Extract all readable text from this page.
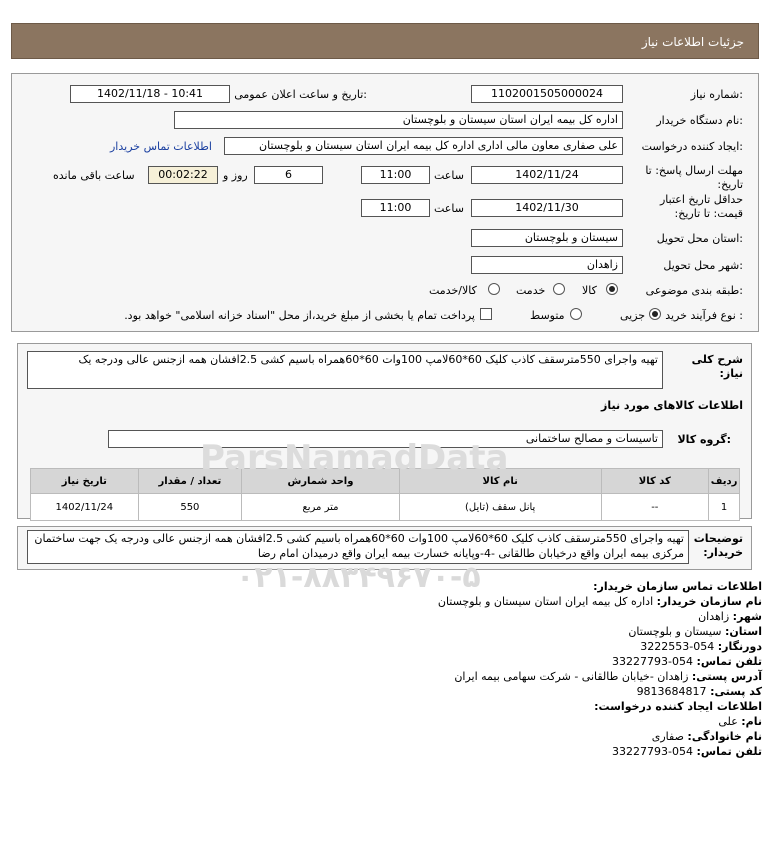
جزئیات اطلاعات نیاز
شماره نیاز:
1102001505000024
تاریخ و ساعت اعلان عمومی:
1402/11/18 - 10:41
نام دستگاه خریدار:
اداره کل بیمه ایران استان سیستان و بلوچستان
ایجاد کننده درخواست:
علی صفاری معاون مالی اداری اداره کل بیمه ایران استان سیستان و بلوچستان
اطلاعات تماس خریدار
مهلت ارسال پاسخ: تا تاریخ:
1402/11/24
ساعت
11:00
6
روز و
00:02:22
ساعت باقی مانده
حداقل تاریخ اعتبار قیمت: تا تاریخ:
1402/11/30
ساعت
11:00
استان محل تحویل:
سیستان و بلوچستان
شهر محل تحویل:
زاهدان
طبقه بندی موضوعی:
کالا
خدمت
کالا/خدمت
نوع فرآیند خرید :
جزیی
متوسط
پرداخت تمام یا بخشی از مبلغ خرید،از محل "اسناد خزانه اسلامی" خواهد بود.
شرح کلی نیاز:
تهیه واجرای 550مترسقف کاذب کلیک 60*60لامپ 100وات 60*60همراه باسیم کشی 2.5افشان همه ازجنس عالی ودرجه یک
اطلاعات کالاهای مورد نیاز
گروه کالا:
تاسیسات و مصالح ساختمانی
ردیف	کد کالا	نام کالا	واحد شمارش	تعداد / مقدار	تاریخ نیاز
1	--	پانل سقف (تایل)	متر مربع	550	1402/11/24
توضیحات خریدار:
تهیه واجرای 550مترسقف کاذب کلیک 60*60لامپ 100وات 60*60همراه باسیم کشی 2.5افشان همه ازجنس عالی ودرجه یک جهت ساختمان مرکزی بیمه ایران واقع درخیابان طالقانی -4-وپایانه خسارت بیمه ایران واقع درمیدان امام رضا
ParsNamadData
۰۲۱-۸۸۳۴۹۶۷۰-۵	اطلاعات تماس سازمان خریدار:
نام سازمان خریدار: اداره کل بیمه ایران استان سیستان و بلوچستان
شهر: زاهدان
استان: سیستان و بلوچستان
دورنگار: 054-3222553
تلفن تماس: 054-33227793
آدرس پستی: زاهدان -خیابان طالقانی - شرکت سهامی بیمه ایران
کد پستی: 9813684817
اطلاعات ایجاد کننده درخواست:
نام: علی
نام خانوادگی: صفاری
تلفن تماس: 054-33227793
